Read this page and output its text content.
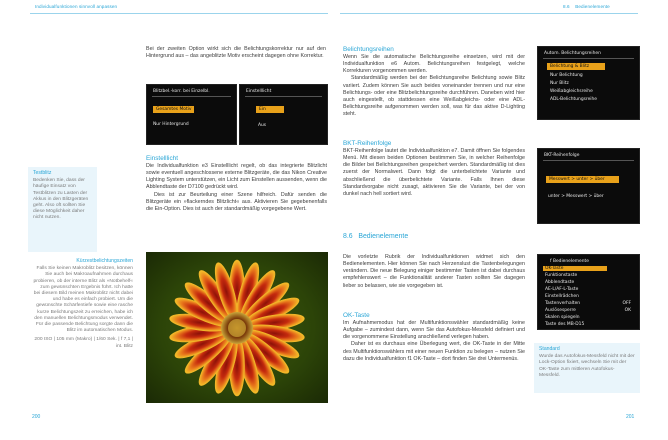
Individualfunktionen sinnvoll anpassen	8.6 Bedienelemente

Bei der zweiten Option wirkt sich die Belichtungskorrektur nur auf den Hintergrund aus – das angeblitzte Motiv erscheint dagegen ohne Korrektur.

Blitzbel.-korr. bei Einzelbl.
Gesamtes Motiv
Nur Hintergrund
Einstelllicht
Ein
Aus

Einstelllicht

Die Individualfunktion e3 Einstelllicht regelt, ob das integrierte Blitzlicht sowie eventuell angeschlossene externe Blitzgeräte, die das Nikon Creative Lighting System unterstützen, ein Licht zum Einstellen aussenden, wenn die Abblendtaste der D7100 gedrückt wird.

Dies ist zur Beurteilung einer Szene hilfreich. Dafür senden die Blitzgeräte ein »flackerndes Blitzlicht« aus. Aktivieren Sie gegebenenfalls die Ein-Option. Dies ist auch der standardmäßig vorgegebene Wert.

Testblitz
Bedenken Sie, dass der häufige Einsatz von Testblitzen zu Lasten der Akkus in den Blitzgeräten geht. Also oft sollten Sie diese Möglichkeit daher nicht nutzen.
Kürzestbelichtungszeiten
Falls Sie keinen Makroblitz besitzen, können Sie auch bei Makroaufnahmen durchaus probieren, ob der interne Blitz als »Notbehelf« zum gewünschten Ergebnis führt. Ich hatte bei diesem Bild meinen Makroblitz nicht dabei und habe es einfach probiert. Um die gewünschte Schärfentiefe sowie eine rasche kurze Belichtungszeit zu erreichen, habe ich den manuellen Belichtungsmodus verwendet. Für die passende Belichtung sorgte dann die Blitz im automatischen Modus.
200 ISO | 105 mm (Makro) | 1/60 Sek. | f 7,1 | int. Blitz

Belichtungsreihen

Wenn Sie die automatische Belichtungsreihe einsetzen, wird mit der Individualfunktion e6 Autom. Belichtungsreihen festgelegt, welche Korrekturen vorgenommen werden.

Standardmäßig werden bei der Belichtungsreihe Belichtung sowie Blitz variiert. Zudem können Sie auch beides voneinander trennen und nur eine Belichtungs- oder eine Blitzbelichtungsreihe durchführen. Daneben wird hier auch eingestellt, ob stattdessen eine Weißabgleichs- oder eine ADL-Belichtungsreihe aufgenommen werden soll, was für das aktive D-Lighting steht.

Autom. Belichtungsreihen
Belichtung & Blitz
Nur Belichtung
Nur Blitz
Weißabgleichsreihe
ADL-Belichtungsreihe

BKT-Reihenfolge

BKT-Reihenfolge lautet die Individualfunktion e7. Damit öffnen Sie folgendes Menü. Mit diesen beiden Optionen bestimmen Sie, in welcher Reihenfolge die Bilder bei Belichtungsreihen gespeichert werden. Standardmäßig ist dies zuerst der Normalwert. Dann folgt die unterbelichtete Variante und abschließend die überbelichtete Variante. Falls Ihnen diese Standardvorgabe nicht zusagt, aktivieren Sie die Variante, bei der von dunkel nach hell sortiert wird.

BKT-Reihenfolge
Messwert > unter > über
unter > Messwert > über

8.6 Bedienelemente

Die vorletzte Rubrik der Individualfunktionen widmet sich den Bedienelementen. Hier können Sie nach Herzenslust die Tastenbelegungen verändern. Die neue Belegung einiger bestimmter Tasten ist dabei durchaus empfehlenswert – die Funktionalität anderer Tasten sollten Sie dagegen lieber so belassen, wie sie vorgegeben ist.

f Bedienelemente
OK-Taste
Funktionstaste
Abblendtaste
AE-L/AF-L-Taste
Einstellrädchen
Tastenverhalten	OFF
Auslösesperre	OK
Skalen spiegeln
Taste des MB-D15

OK-Taste

Im Aufnahmemodus hat der Multifunktionswähler standardmäßig keine Aufgabe – zumindest dann, wenn Sie das Autofokus-Messfeld definiert und die vorgenommene Einstellung anschließend verlegen haben.

Daher ist es durchaus eine Überlegung wert, die OK-Taste in der Mitte des Multifunktionswählers mit einer neuen Funktion zu belegen – nutzen Sie dazu die Individualfunktion f1 OK-Taste – dort finden Sie drei Untermenüs.

Standard
Wurde das Autofokus-Messfeld nicht mit der Lock-Option fixiert, wechseln Sie mit der OK-Taste zum mittleren Autofokus-Messfeld.
200	201
